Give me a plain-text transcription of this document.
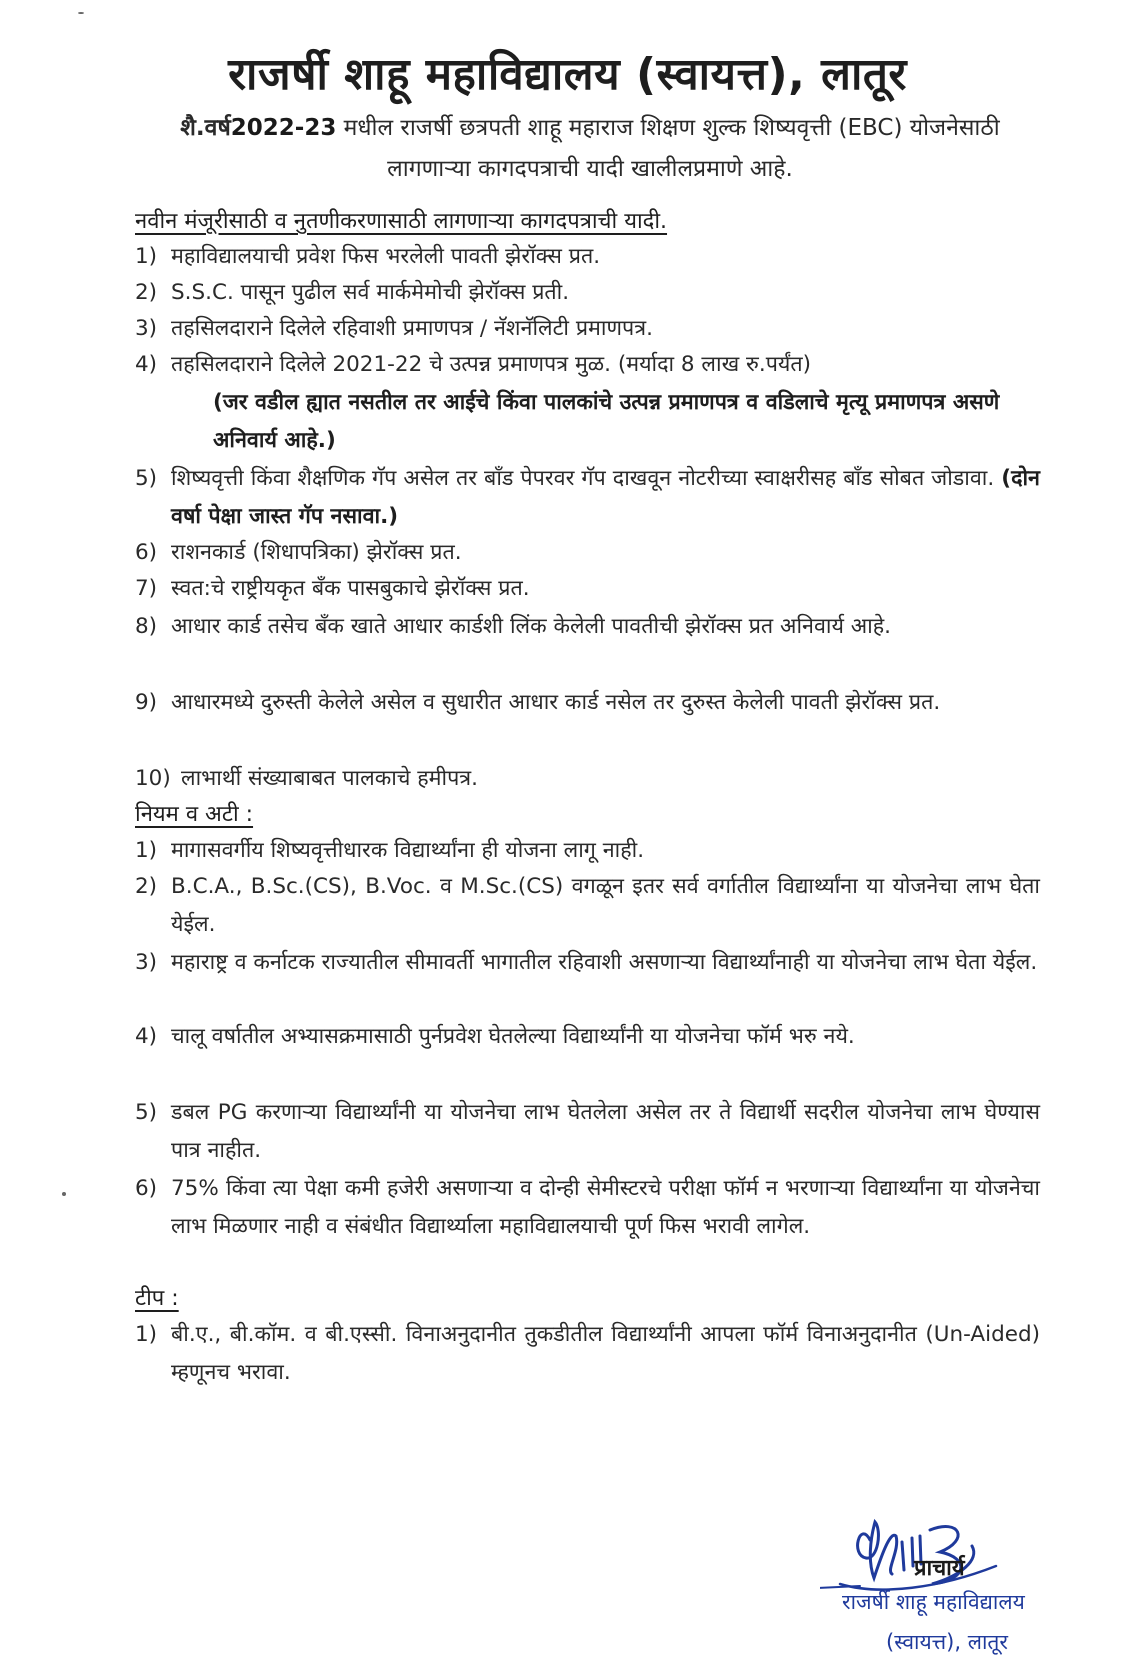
राजर्षी शाहू महाविद्यालय (स्वायत्त), लातूर
शै.वर्ष2022-23 मधील राजर्षी छत्रपती शाहू महाराज शिक्षण शुल्क शिष्यवृत्ती (EBC) योजनेसाठी लागणाऱ्या कागदपत्राची यादी खालीलप्रमाणे आहे.
नवीन मंजूरीसाठी व नुतणीकरणासाठी लागणाऱ्या कागदपत्राची यादी.
1) महाविद्यालयाची प्रवेश फिस भरलेली पावती झेरॉक्स प्रत.
2) S.S.C. पासून पुढील सर्व मार्कमेमोची झेरॉक्स प्रती.
3) तहसिलदाराने दिलेले रहिवाशी प्रमाणपत्र / नॅशनॅलिटी प्रमाणपत्र.
4) तहसिलदाराने दिलेले 2021-22 चे उत्पन्न प्रमाणपत्र मुळ. (मर्यादा 8 लाख रु.पर्यंत)
(जर वडील ह्यात नसतील तर आईचे किंवा पालकांचे उत्पन्न प्रमाणपत्र व वडिलाचे मृत्यू प्रमाणपत्र असणे अनिवार्य आहे.)
5) शिष्यवृत्ती किंवा शैक्षणिक गॅप असेल तर बॉंड पेपरवर गॅप दाखवून नोटरीच्या स्वाक्षरीसह बॉंड सोबत जोडावा. (दोन वर्षा पेक्षा जास्त गॅप नसावा.)
6) राशनकार्ड (शिधापत्रिका) झेरॉक्स प्रत.
7) स्वत:चे राष्ट्रीयकृत बँक पासबुकाचे झेरॉक्स प्रत.
8) आधार कार्ड तसेच बँक खाते आधार कार्डशी लिंक केलेली पावतीची झेरॉक्स प्रत अनिवार्य आहे.
9) आधारमध्ये दुरुस्ती केलेले असेल व सुधारीत आधार कार्ड नसेल तर दुरुस्त केलेली पावती झेरॉक्स प्रत.
10) लाभार्थी संख्याबाबत पालकाचे हमीपत्र.
नियम व अटी :
1) मागासवर्गीय शिष्यवृत्तीधारक विद्यार्थ्यांना ही योजना लागू नाही.
2) B.C.A., B.Sc.(CS), B.Voc. व M.Sc.(CS) वगळून इतर सर्व वर्गातील विद्यार्थ्यांना या योजनेचा लाभ घेता येईल.
3) महाराष्ट्र व कर्नाटक राज्यातील सीमावर्ती भागातील रहिवाशी असणाऱ्या विद्यार्थ्यांनाही या योजनेचा लाभ घेता येईल.
4) चालू वर्षातील अभ्यासक्रमासाठी पुर्नप्रवेश घेतलेल्या विद्यार्थ्यांनी या योजनेचा फॉर्म भरु नये.
5) डबल PG करणाऱ्या विद्यार्थ्यांनी या योजनेचा लाभ घेतलेला असेल तर ते विद्यार्थी सदरील योजनेचा लाभ घेण्यास पात्र नाहीत.
6) 75% किंवा त्या पेक्षा कमी हजेरी असणाऱ्या व दोन्ही सेमीस्टरचे परीक्षा फॉर्म न भरणाऱ्या विद्यार्थ्यांना या योजनेचा लाभ मिळणार नाही व संबंधीत विद्यार्थ्याला महाविद्यालयाची पूर्ण फिस भरावी लागेल.
टीप :
1) बी.ए., बी.कॉम. व बी.एस्सी. विनाअनुदानीत तुकडीतील विद्यार्थ्यांनी आपला फॉर्म विनाअनुदानीत (Un-Aided) म्हणूनच भरावा.
प्राचार्य
राजर्षी शाहू महाविद्यालय
(स्वायत्त), लातूर
